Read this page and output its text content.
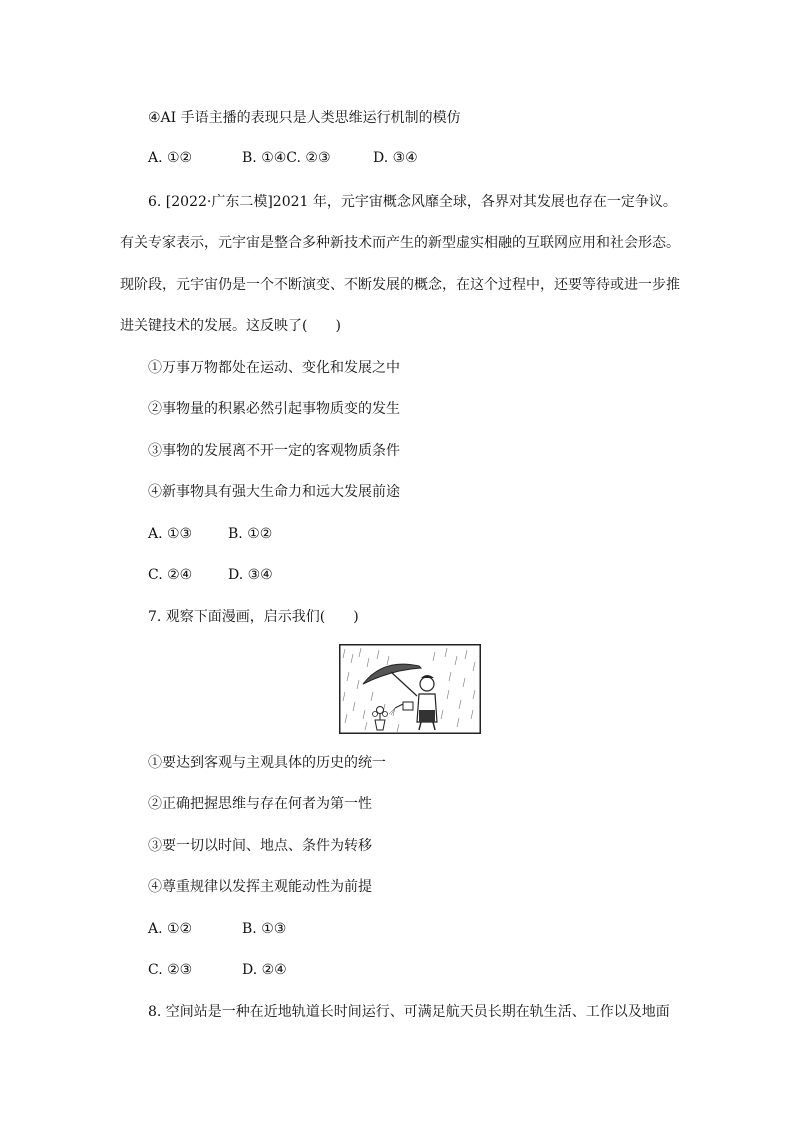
④AI 手语主播的表现只是人类思维运行机制的模仿
A. ①②	B. ①④C. ②③	D. ③④
6. [2022·广东二模]2021 年，元宇宙概念风靡全球，各界对其发展也存在一定争议。
有关专家表示，元宇宙是整合多种新技术而产生的新型虚实相融的互联网应用和社会形态。
现阶段，元宇宙仍是一个不断演变、不断发展的概念，在这个过程中，还要等待或进一步推
进关键技术的发展。这反映了(　　)
①万事万物都处在运动、变化和发展之中
②事物量的积累必然引起事物质变的发生
③事物的发展离不开一定的客观物质条件
④新事物具有强大生命力和远大发展前途
A. ①③	B. ①②
C. ②④	D. ③④
7. 观察下面漫画，启示我们(　　)
①要达到客观与主观具体的历史的统一
②正确把握思维与存在何者为第一性
③要一切以时间、地点、条件为转移
④尊重规律以发挥主观能动性为前提
A. ①②	B. ①③
C. ②③	D. ②④
8. 空间站是一种在近地轨道长时间运行、可满足航天员长期在轨生活、工作以及地面
